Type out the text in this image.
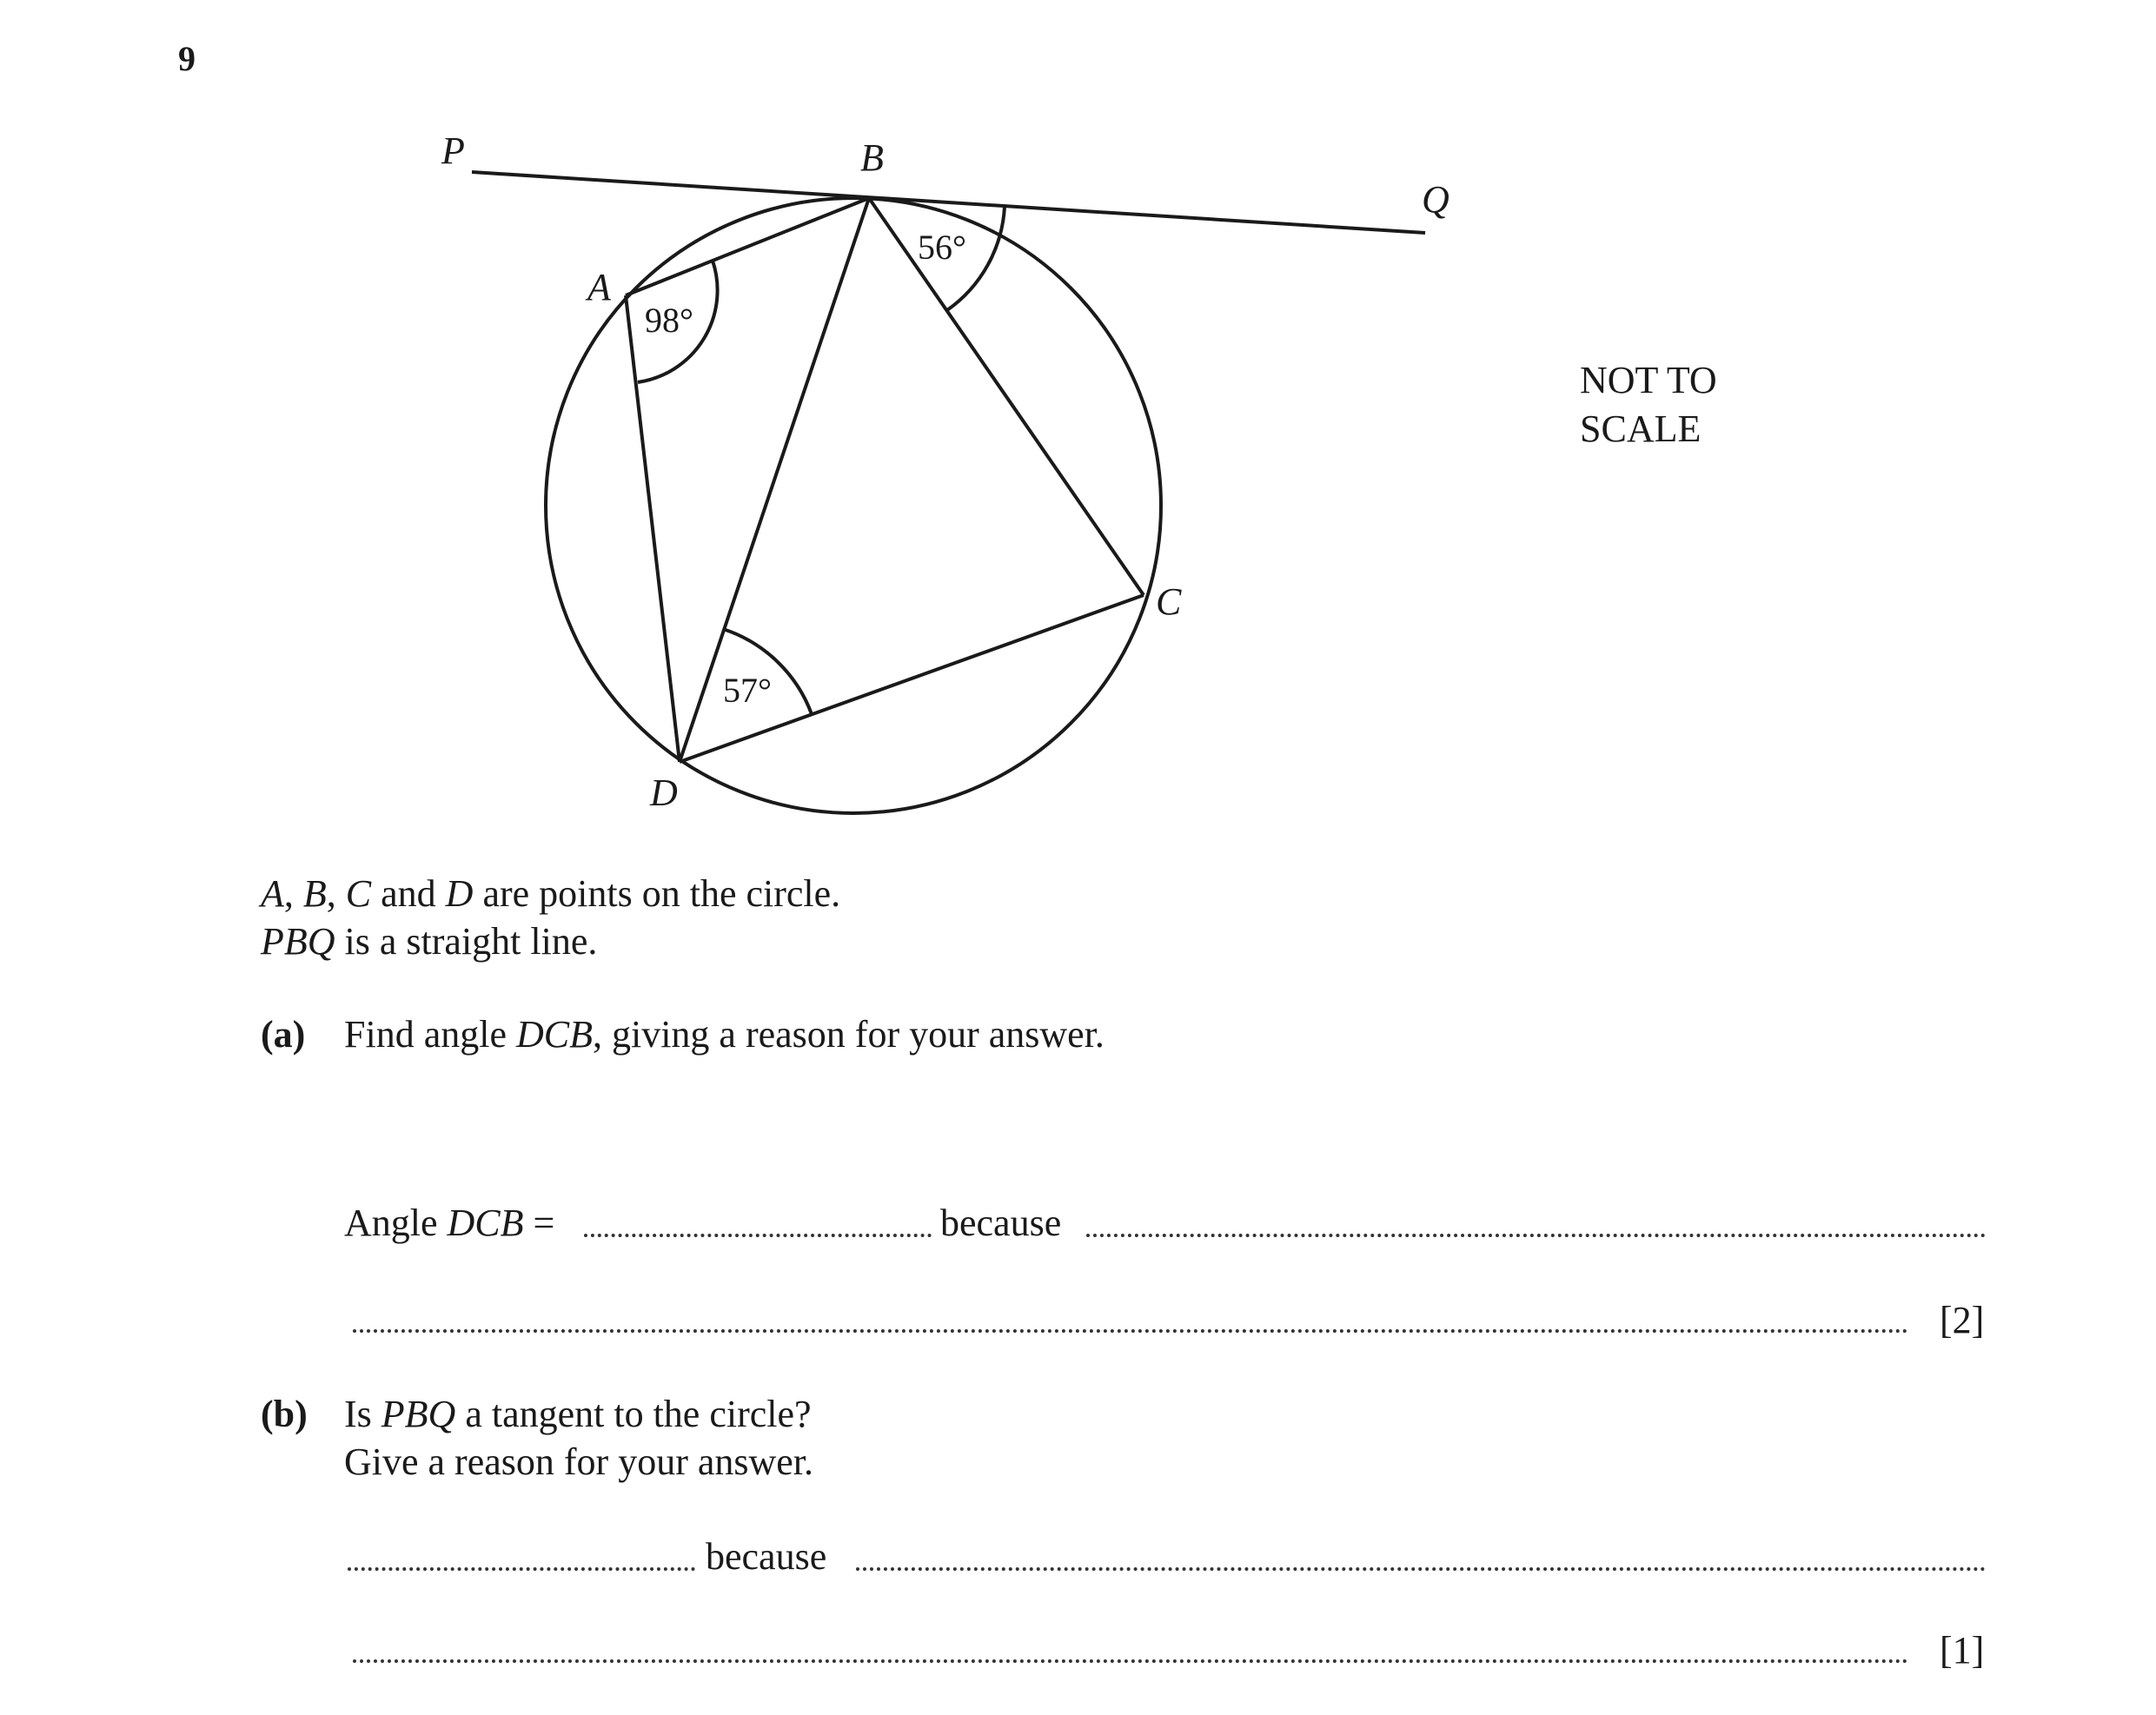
9
P	B
Q
A
C
D
56°
98°
57°
NOT TO
SCALE
A, B, C and D are points on the circle.
PBQ is a straight line.
(a) Find angle DCB, giving a reason for your answer.
Angle DCB =	because
[2]
(b) Is PBQ a tangent to the circle?
Give a reason for your answer.
because
[1]
